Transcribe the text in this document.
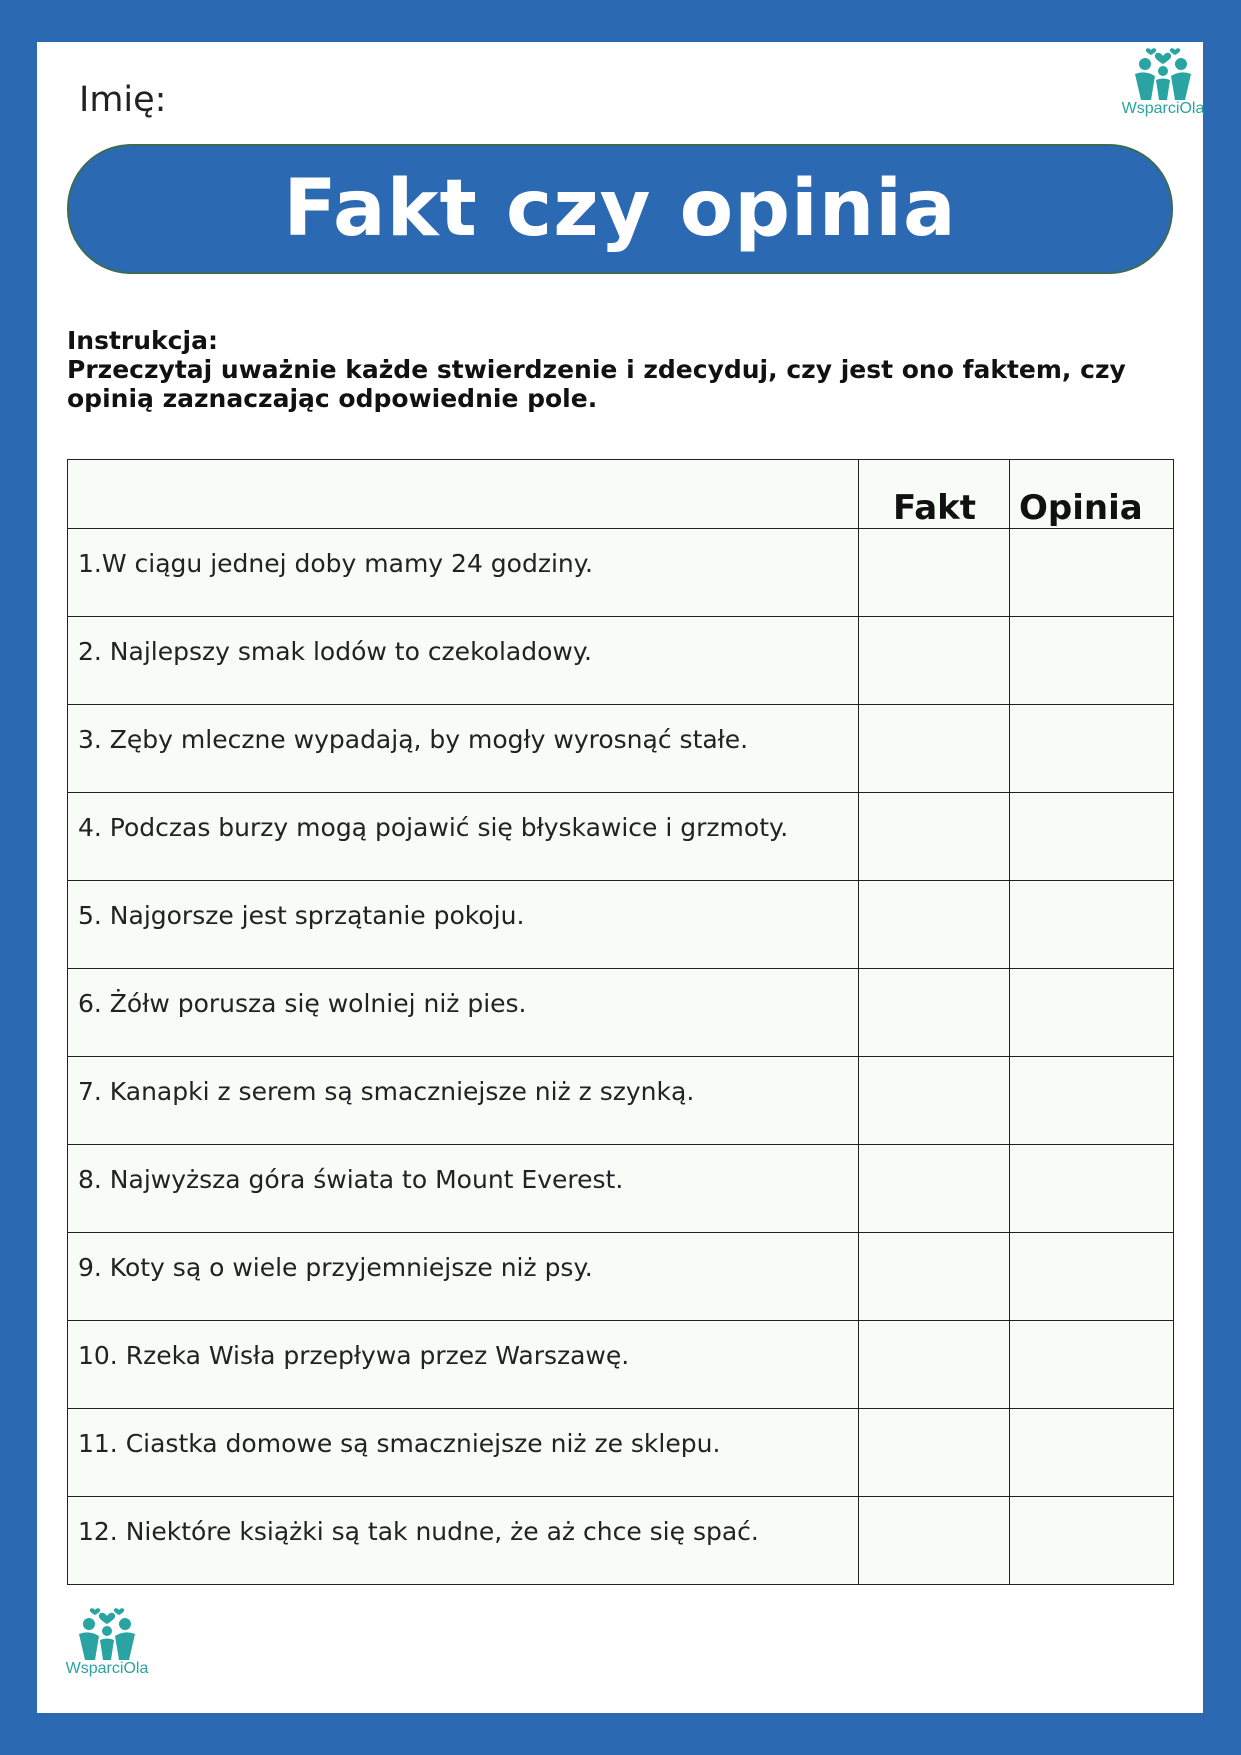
Imię:	WsparciOla
Fakt czy opinia
Instrukcja:
Przeczytaj uważnie każde stwierdzenie i zdecyduj, czy jest ono faktem, czy opinią zaznaczając odpowiednie pole.
	Fakt	Opinia
1.W ciągu jednej doby mamy 24 godziny.		
2. Najlepszy smak lodów to czekoladowy.		
3. Zęby mleczne wypadają, by mogły wyrosnąć stałe.		
4. Podczas burzy mogą pojawić się błyskawice i grzmoty.		
5. Najgorsze jest sprzątanie pokoju.		
6. Żółw porusza się wolniej niż pies.		
7. Kanapki z serem są smaczniejsze niż z szynką.		
8. Najwyższa góra świata to Mount Everest.		
9. Koty są o wiele przyjemniejsze niż psy.		
10. Rzeka Wisła przepływa przez Warszawę.		
11. Ciastka domowe są smaczniejsze niż ze sklepu.		
12. Niektóre książki są tak nudne, że aż chce się spać.		
WsparciOla
